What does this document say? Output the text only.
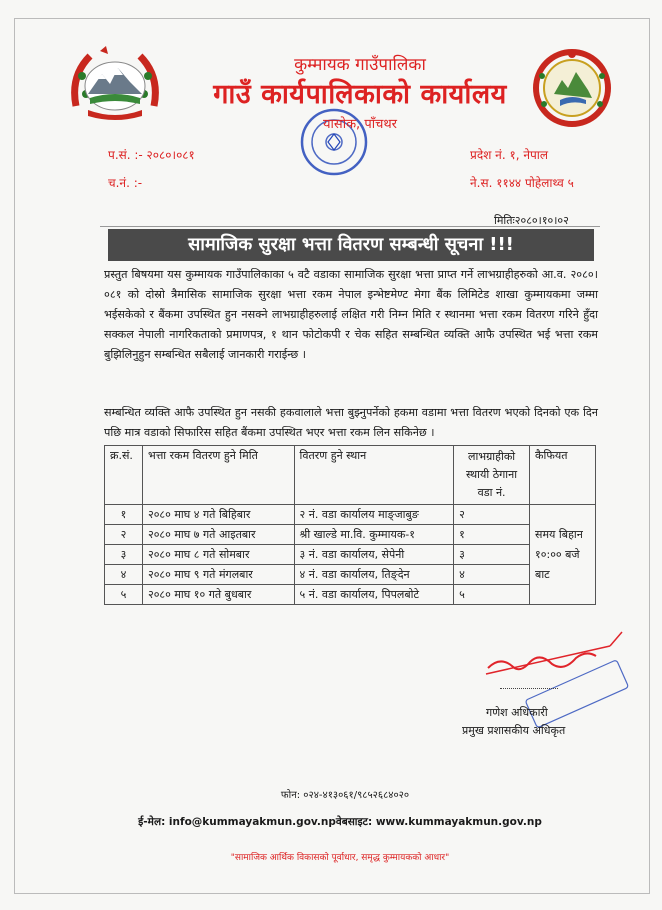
कुम्मायक गाउँपालिका
गाउँ कार्यपालिकाको कार्यालय
यासोक, पाँचथर
प.सं. :- २०८०।०८१
च.नं. :-
प्रदेश नं. १, नेपाल
ने.स. ११४४ पोहेलाथ्व ५
मितिः२०८०।१०।०२
सामाजिक सुरक्षा भत्ता वितरण सम्बन्धी सूचना !!!
प्रस्तुत बिषयमा यस कुम्मायक गाउँपालिकाका ५ वटै वडाका सामाजिक सुरक्षा भत्ता प्राप्त गर्ने लाभग्राहीहरुको आ.व. २०८०।०८१ को दोस्रो त्रैमासिक सामाजिक सुरक्षा भत्ता रकम नेपाल इन्भेष्टमेण्ट मेगा बैंक लिमिटेड शाखा कुम्मायकमा जम्मा भईसकेको र बैंकमा उपस्थित हुन नसक्ने लाभग्राहीहरुलाई लक्षित गरी निम्न मिति र स्थानमा भत्ता रकम वितरण गरिने हुँदा सक्कल नेपाली नागरिकताको प्रमाणपत्र, १ थान फोटोकपी र चेक सहित सम्बन्धित व्यक्ति आफै उपस्थित भई भत्ता रकम बुझिलिनुहुन सम्बन्धित सबैलाई जानकारी गराईन्छ ।
सम्बन्धित व्यक्ति आफै उपस्थित हुन नसकी हकवालाले भत्ता बुझ्नुपर्नेको हकमा वडामा भत्ता वितरण भएको दिनको एक दिन पछि मात्र वडाको सिफारिस सहित बैंकमा उपस्थित भएर भत्ता रकम लिन सकिनेछ ।
क्र.सं.	भत्ता रकम वितरण हुने मिति	वितरण हुने स्थान	लाभग्राहीको स्थायी ठेगाना वडा नं.	कैफियत
१	२०८० माघ ४ गते बिहिबार	२ नं. वडा कार्यालय माङ्जाबुङ	२	समय बिहान १०:०० बजे बाट
२	२०८० माघ ७ गते आइतबार	श्री खाल्डे मा.वि. कुम्मायक-१	१	
३	२०८० माघ ८ गते सोमबार	३ नं. वडा कार्यालय, सेपेनी	३	
४	२०८० माघ ९ गते मंगलबार	४ नं. वडा कार्यालय, तिङ्देन	४	
५	२०८० माघ १० गते बुधबार	५ नं. वडा कार्यालय, पिपलबोटे	५	
गणेश अधिकारी
प्रमुख प्रशासकीय अधिकृत
फोन: ०२४-४१३०६१/९८५२६८४०२०
ई-मेल: info@kummayakmun.gov.npवेबसाइट: www.kummayakmun.gov.np
"सामाजिक आर्थिक विकासको पूर्वाधार, समृद्ध कुम्मायकको आधार"
